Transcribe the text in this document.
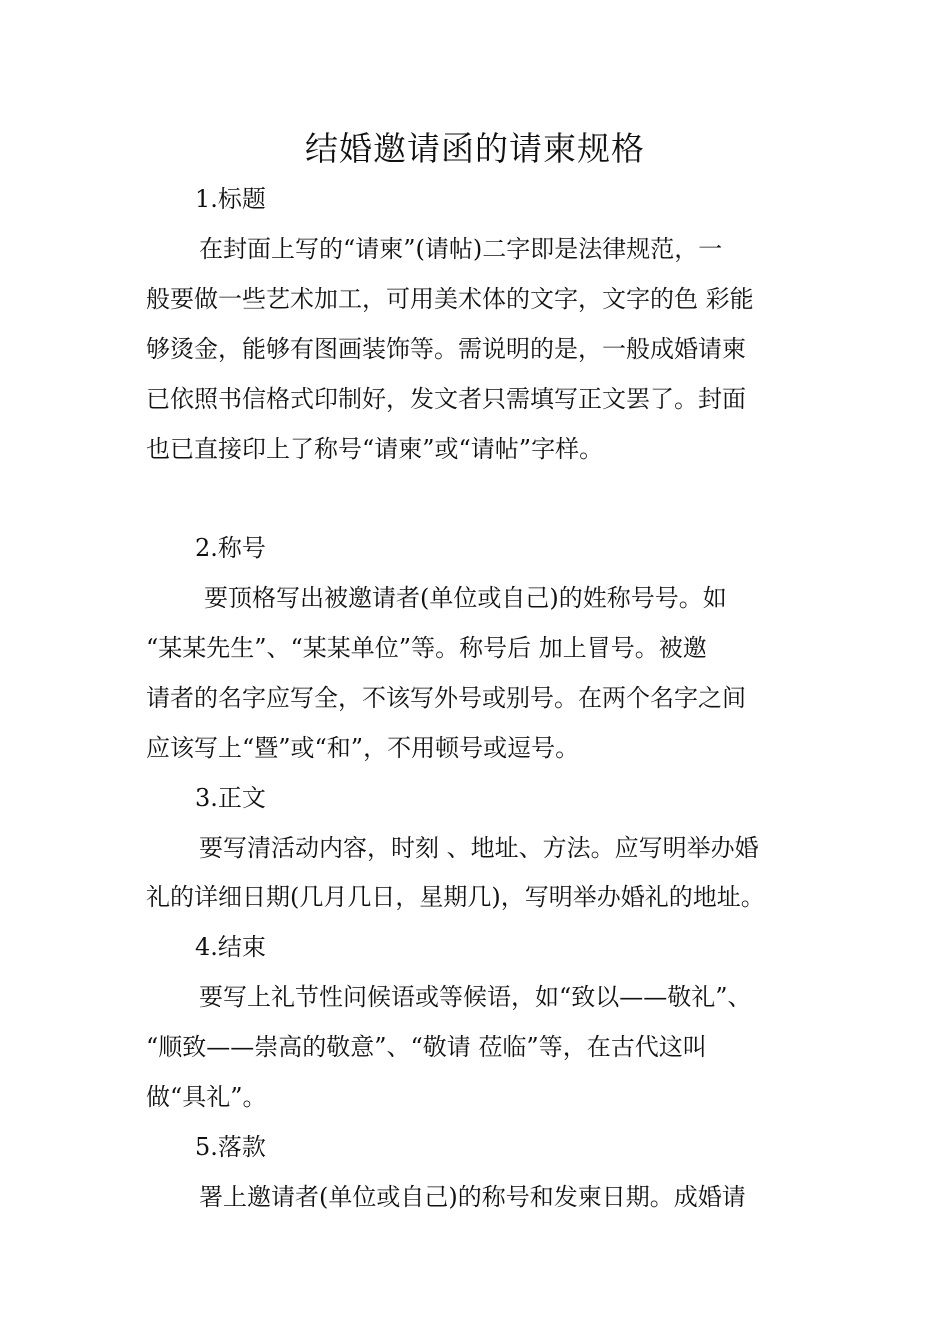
结婚邀请函的请柬规格
1.标题
在封面上写的“请柬”(请帖)二字即是法律规范，一
般要做一些艺术加工，可用美术体的文字，文字的色 彩能
够烫金，能够有图画装饰等。需说明的是，一般成婚请柬
已依照书信格式印制好，发文者只需填写正文罢了。封面
也已直接印上了称号“请柬”或“请帖”字样。
2.称号
要顶格写出被邀请者(单位或自己)的姓称号号。如
“某某先生”、“某某单位”等。称号后 加上冒号。被邀
请者的名字应写全，不该写外号或别号。在两个名字之间
应该写上“暨”或“和”，不用顿号或逗号。
3.正文
要写清活动内容，时刻 、地址、方法。应写明举办婚
礼的详细日期(几月几日，星期几)，写明举办婚礼的地址。
4.结束
要写上礼节性问候语或等候语，如“致以——敬礼”、
“顺致——崇高的敬意”、“敬请 莅临”等，在古代这叫
做“具礼”。
5.落款
署上邀请者(单位或自己)的称号和发柬日期。成婚请
